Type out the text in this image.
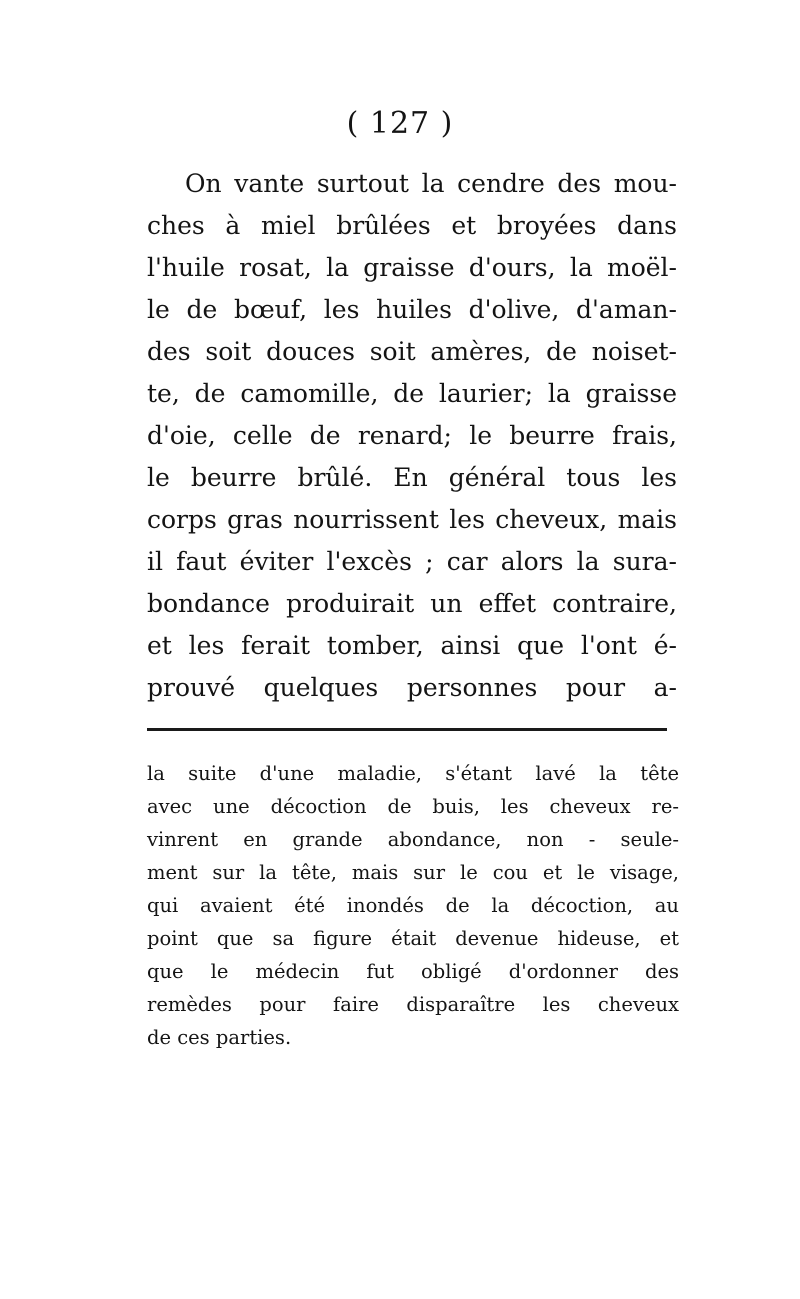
( 127 )
On vante surtout la cendre des mou-
ches à miel brûlées et broyées dans
l'huile rosat, la graisse d'ours, la moël-
le de bœuf, les huiles d'olive, d'aman-
des soit douces soit amères, de noiset-
te, de camomille, de laurier; la graisse
d'oie, celle de renard; le beurre frais,
le beurre brûlé. En général tous les
corps gras nourrissent les cheveux, mais
il faut éviter l'excès ; car alors la sura-
bondance produirait un effet contraire,
et les ferait tomber, ainsi que l'ont é-
prouvé quelques personnes pour a-
la suite d'une maladie, s'étant lavé la tête
avec une décoction de buis, les cheveux re-
vinrent en grande abondance, non - seule-
ment sur la tête, mais sur le cou et le visage,
qui avaient été inondés de la décoction, au
point que sa figure était devenue hideuse, et
que le médecin fut obligé d'ordonner des
remèdes pour faire disparaître les cheveux
de ces parties.
